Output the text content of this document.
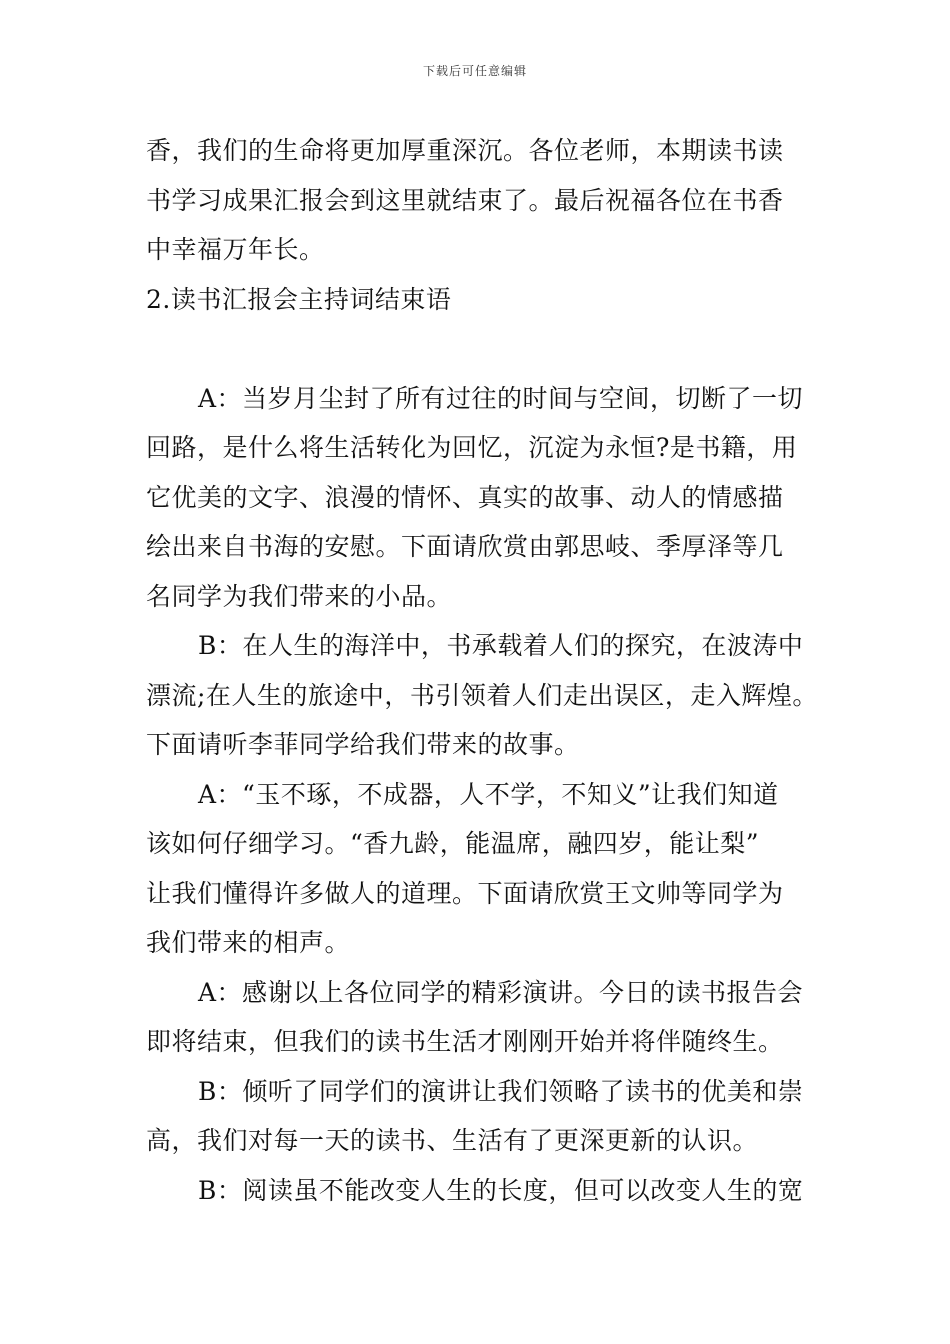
下载后可任意编辑
香，我们的生命将更加厚重深沉。各位老师，本期读书读
书学习成果汇报会到这里就结束了。最后祝福各位在书香
中幸福万年长。
2.读书汇报会主持词结束语
A：当岁月尘封了所有过往的时间与空间，切断了一切
回路，是什么将生活转化为回忆，沉淀为永恒?是书籍，用
它优美的文字、浪漫的情怀、真实的故事、动人的情感描
绘出来自书海的安慰。下面请欣赏由郭思岐、季厚泽等几
名同学为我们带来的小品。
B：在人生的海洋中，书承载着人们的探究，在波涛中
漂流;在人生的旅途中，书引领着人们走出误区，走入辉煌。
下面请听李菲同学给我们带来的故事。
A：“玉不琢，不成器，人不学，不知义”让我们知道
该如何仔细学习。“香九龄，能温席，融四岁，能让梨”
让我们懂得许多做人的道理。下面请欣赏王文帅等同学为
我们带来的相声。
A：感谢以上各位同学的精彩演讲。今日的读书报告会
即将结束，但我们的读书生活才刚刚开始并将伴随终生。
B：倾听了同学们的演讲让我们领略了读书的优美和崇
高，我们对每一天的读书、生活有了更深更新的认识。
B：阅读虽不能改变人生的长度，但可以改变人生的宽
